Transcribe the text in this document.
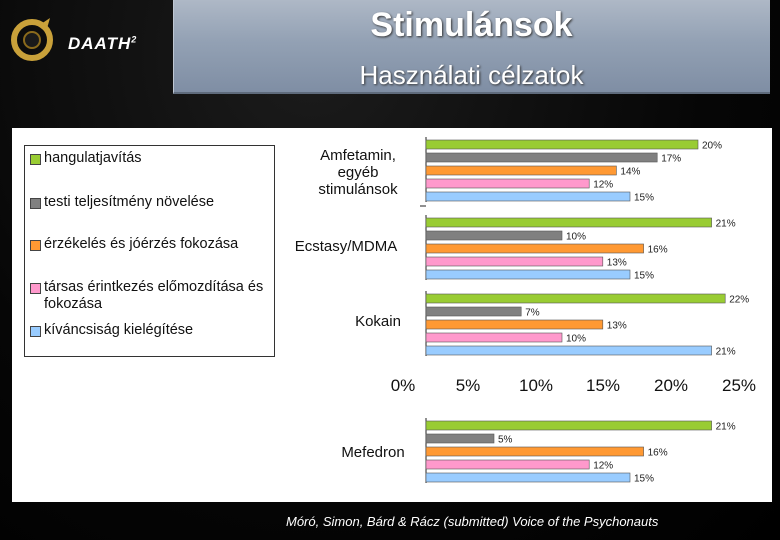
DAATH$^2$	Stimulánsok
Használati célzatok
hangulatjavítás
testi teljesítmény növelése
érzékelés és jóérzés fokozása
társas érintkezés előmozdítása és fokozása
kíváncsiság kielégítése
Amfetamin,
egyéb
stimulánsok
Ecstasy/MDMA
Kokain
Mefedron
0%	5%	10%	15%	20%	25%
20%
17%
14%
12%
15%
21%
10%
16%
13%
15%
22%
7%
13%
10%
21%
21%
5%
16%
12%
15%
Móró, Simon, Bárd & Rácz (submitted) Voice of the Psychonauts
